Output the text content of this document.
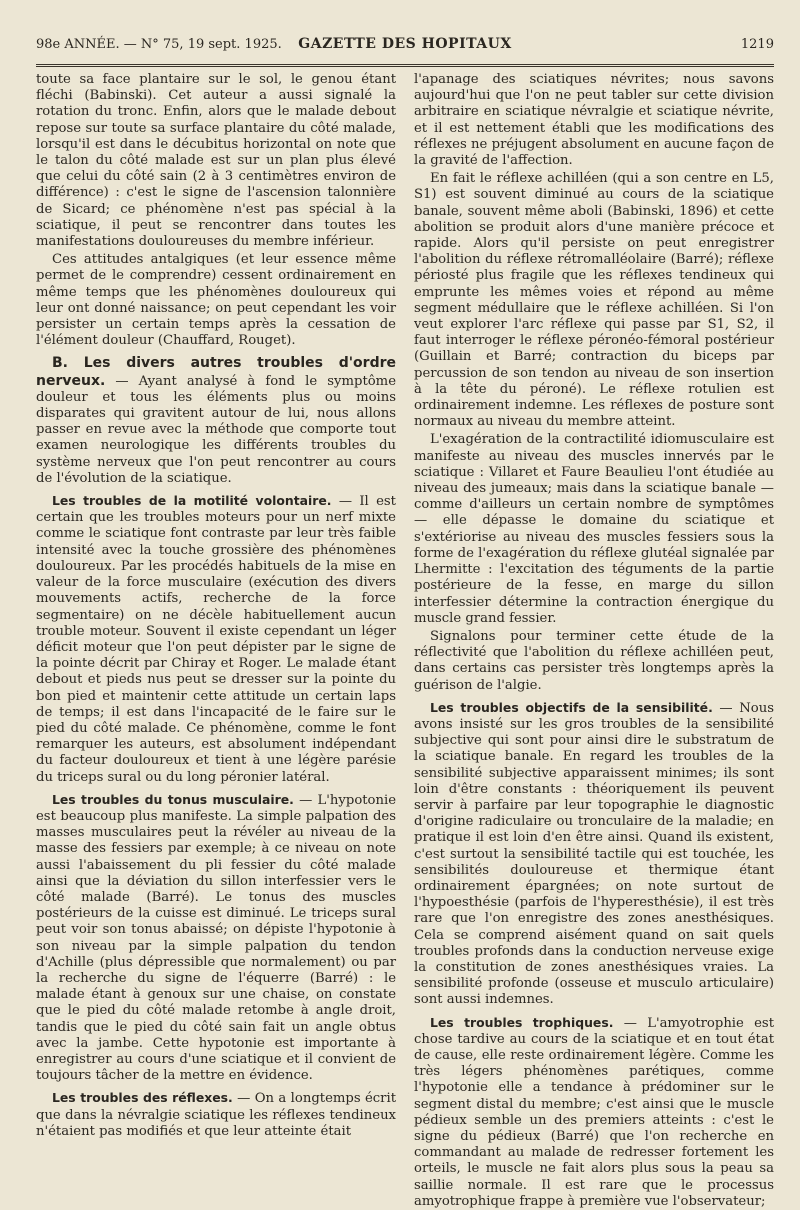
98e ANNÉE. — N° 75, 19 sept. 1925.	GAZETTE DES HOPITAUX	1219

toute sa face plantaire sur le sol, le genou étant fléchi (Babinski). Cet auteur a aussi signalé la rotation du tronc. Enfin, alors que le malade debout repose sur toute sa surface plantaire du côté malade, lorsqu'il est dans le décubitus horizontal on note que le talon du côté malade est sur un plan plus élevé que celui du côté sain (2 à 3 centimètres environ de différence) : c'est le signe de l'ascension talonnière de Sicard; ce phénomène n'est pas spécial à la sciatique, il peut se rencontrer dans toutes les manifestations douloureuses du membre inférieur.

Ces attitudes antalgiques (et leur essence même permet de le comprendre) cessent ordinairement en même temps que les phénomènes douloureux qui leur ont donné naissance; on peut cependant les voir persister un certain temps après la cessation de l'élément douleur (Chauffard, Rouget).

B. Les divers autres troubles d'ordre nerveux. — Ayant analysé à fond le symptôme douleur et tous les éléments plus ou moins disparates qui gravitent autour de lui, nous allons passer en revue avec la méthode que comporte tout examen neurologique les différents troubles du système nerveux que l'on peut rencontrer au cours de l'évolution de la sciatique.

Les troubles de la motilité volontaire. — Il est certain que les troubles moteurs pour un nerf mixte comme le sciatique font contraste par leur très faible intensité avec la touche grossière des phénomènes douloureux. Par les procédés habituels de la mise en valeur de la force musculaire (exécution des divers mouvements actifs, recherche de la force segmentaire) on ne décèle habituellement aucun trouble moteur. Souvent il existe cependant un léger déficit moteur que l'on peut dépister par le signe de la pointe décrit par Chiray et Roger. Le malade étant debout et pieds nus peut se dresser sur la pointe du bon pied et maintenir cette attitude un certain laps de temps; il est dans l'incapacité de le faire sur le pied du côté malade. Ce phénomène, comme le font remarquer les auteurs, est absolument indépendant du facteur douloureux et tient à une légère parésie du triceps sural ou du long péronier latéral.

Les troubles du tonus musculaire. — L'hypotonie est beaucoup plus manifeste. La simple palpation des masses musculaires peut la révéler au niveau de la masse des fessiers par exemple; à ce niveau on note aussi l'abaissement du pli fessier du côté malade ainsi que la déviation du sillon interfessier vers le côté malade (Barré). Le tonus des muscles postérieurs de la cuisse est diminué. Le triceps sural peut voir son tonus abaissé; on dépiste l'hypotonie à son niveau par la simple palpation du tendon d'Achille (plus dépressible que normalement) ou par la recherche du signe de l'équerre (Barré) : le malade étant à genoux sur une chaise, on constate que le pied du côté malade retombe à angle droit, tandis que le pied du côté sain fait un angle obtus avec la jambe. Cette hypotonie est importante à enregistrer au cours d'une sciatique et il convient de toujours tâcher de la mettre en évidence.

Les troubles des réflexes. — On a longtemps écrit que dans la névralgie sciatique les réflexes tendineux n'étaient pas modifiés et que leur atteinte était

l'apanage des sciatiques névrites; nous savons aujourd'hui que l'on ne peut tabler sur cette division arbitraire en sciatique névralgie et sciatique névrite, et il est nettement établi que les modifications des réflexes ne préjugent absolument en aucune façon de la gravité de l'affection.

En fait le réflexe achilléen (qui a son centre en L5, S1) est souvent diminué au cours de la sciatique banale, souvent même aboli (Babinski, 1896) et cette abolition se produit alors d'une manière précoce et rapide. Alors qu'il persiste on peut enregistrer l'abolition du réflexe rétromalléolaire (Barré); réflexe périosté plus fragile que les réflexes tendineux qui emprunte les mêmes voies et répond au même segment médullaire que le réflexe achilléen. Si l'on veut explorer l'arc réflexe qui passe par S1, S2, il faut interroger le réflexe péronéo-fémoral postérieur (Guillain et Barré; contraction du biceps par percussion de son tendon au niveau de son insertion à la tête du péroné). Le réflexe rotulien est ordinairement indemne. Les réflexes de posture sont normaux au niveau du membre atteint.

L'exagération de la contractilité idiomusculaire est manifeste au niveau des muscles innervés par le sciatique : Villaret et Faure Beaulieu l'ont étudiée au niveau des jumeaux; mais dans la sciatique banale — comme d'ailleurs un certain nombre de symptômes — elle dépasse le domaine du sciatique et s'extériorise au niveau des muscles fessiers sous la forme de l'exagération du réflexe glutéal signalée par Lhermitte : l'excitation des téguments de la partie postérieure de la fesse, en marge du sillon interfessier détermine la contraction énergique du muscle grand fessier.

Signalons pour terminer cette étude de la réflectivité que l'abolition du réflexe achilléen peut, dans certains cas persister très longtemps après la guérison de l'algie.

Les troubles objectifs de la sensibilité. — Nous avons insisté sur les gros troubles de la sensibilité subjective qui sont pour ainsi dire le substratum de la sciatique banale. En regard les troubles de la sensibilité subjective apparaissent minimes; ils sont loin d'être constants : théoriquement ils peuvent servir à parfaire par leur topographie le diagnostic d'origine radiculaire ou tronculaire de la maladie; en pratique il est loin d'en être ainsi. Quand ils existent, c'est surtout la sensibilité tactile qui est touchée, les sensibilités douloureuse et thermique étant ordinairement épargnées; on note surtout de l'hypoesthésie (parfois de l'hyperesthésie), il est très rare que l'on enregistre des zones anesthésiques. Cela se comprend aisément quand on sait quels troubles profonds dans la conduction nerveuse exige la constitution de zones anesthésiques vraies. La sensibilité profonde (osseuse et musculo articulaire) sont aussi indemnes.

Les troubles trophiques. — L'amyotrophie est chose tardive au cours de la sciatique et en tout état de cause, elle reste ordinairement légère. Comme les très légers phénomènes parétiques, comme l'hypotonie elle a tendance à prédominer sur le segment distal du membre; c'est ainsi que le muscle pédieux semble un des premiers atteints : c'est le signe du pédieux (Barré) que l'on recherche en commandant au malade de redresser fortement les orteils, le muscle ne fait alors plus sous la peau sa saillie normale. Il est rare que le processus amyotrophique frappe à première vue l'observateur;
